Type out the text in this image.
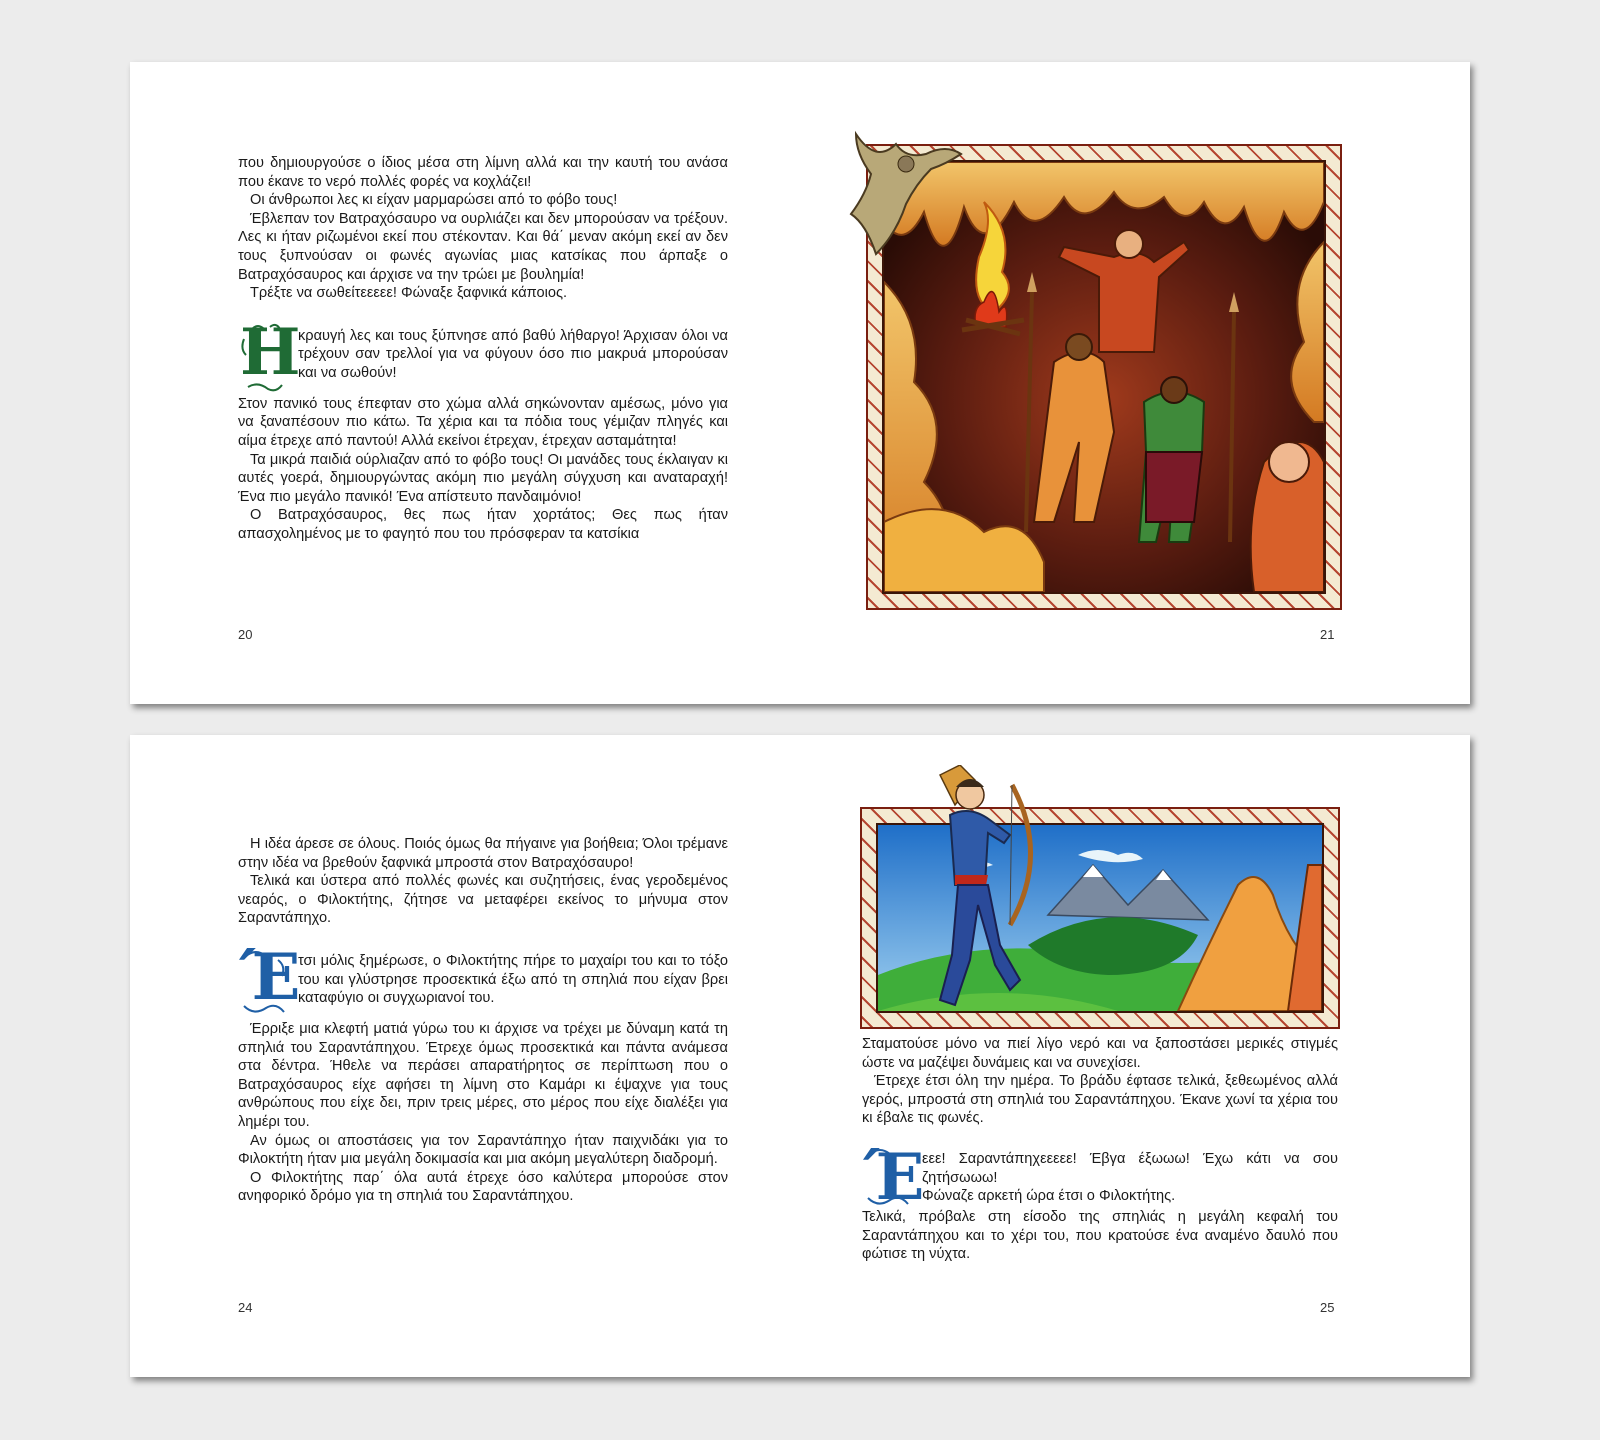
που δημιουργούσε ο ίδιος μέσα στη λίμνη αλλά και την καυτή του ανάσα που έκανε το νερό πολλές φορές να κοχλάζει!

Οι άνθρωποι λες κι είχαν μαρμαρώσει από το φόβο τους!

Έβλεπαν τον Βατραχόσαυρο να ουρλιάζει και δεν μπορούσαν να τρέξουν. Λες κι ήταν ριζωμένοι εκεί που στέκονταν. Και θά΄ μεναν ακόμη εκεί αν δεν τους ξυπνούσαν οι φωνές αγωνίας μιας κατσίκας που άρπαξε ο Βατραχόσαυρος και άρχισε να την τρώει με βουλημία!

Τρέξτε να σωθείτεεεεε! Φώναξε ξαφνικά κάποιος.

Η

κραυγή λες και τους ξύπνησε από βαθύ λήθαργο! Άρχισαν όλοι να τρέχουν σαν τρελλοί για να φύγουν όσο πιο μακρυά μπορούσαν και να σωθούν!

Στον πανικό τους έπεφταν στο χώμα αλλά σηκώνονταν αμέσως, μόνο για να ξαναπέσουν πιο κάτω. Τα χέρια και τα πόδια τους γέμιζαν πληγές και αίμα έτρεχε από παντού! Αλλά εκείνοι έτρεχαν, έτρεχαν ασταμάτητα!

Τα μικρά παιδιά ούρλιαζαν από το φόβο τους! Οι μανάδες τους έκλαιγαν κι αυτές γοερά, δημιουργώντας ακόμη πιο μεγάλη σύγχυση και αναταραχή! Ένα πιο μεγάλο πανικό! Ένα απίστευτο πανδαιμόνιο!

Ο Βατραχόσαυρος, θες πως ήταν χορτάτος; Θες πως ήταν απασχολημένος με το φαγητό που του πρόσφεραν τα κατσίκια

20	21

Η ιδέα άρεσε σε όλους. Ποιός όμως θα πήγαινε για βοήθεια; Όλοι τρέμανε στην ιδέα να βρεθούν ξαφνικά μπροστά στον Βατραχόσαυρο!

Τελικά και ύστερα από πολλές φωνές και συζητήσεις, ένας γεροδεμένος νεαρός, ο Φιλοκτήτης, ζήτησε να μεταφέρει εκείνος το μήνυμα στον Σαραντάπηχο.

Έ

τσι μόλις ξημέρωσε, ο Φιλοκτήτης πήρε το μαχαίρι του και το τόξο του και γλύστρησε προσεκτικά έξω από τη σπηλιά που είχαν βρει καταφύγιο οι συγχωριανοί του.

Έρριξε μια κλεφτή ματιά γύρω του κι άρχισε να τρέχει με δύναμη κατά τη σπηλιά του Σαραντάπηχου. Έτρεχε όμως προσεκτικά και πάντα ανάμεσα στα δέντρα. Ήθελε να περάσει απαρατήρητος σε περίπτωση που ο Βατραχόσαυρος είχε αφήσει τη λίμνη στο Καμάρι κι έψαχνε για τους ανθρώπους που είχε δει, πριν τρεις μέρες, στο μέρος που είχε διαλέξει για λημέρι του.

Αν όμως οι αποστάσεις για τον Σαραντάπηχο ήταν παιχνιδάκι για το Φιλοκτήτη ήταν μια μεγάλη δοκιμασία και μια ακόμη μεγαλύτερη διαδρομή.

Ο Φιλοκτήτης παρ΄ όλα αυτά έτρεχε όσο καλύτερα μπορούσε στον ανηφορικό δρόμο για τη σπηλιά του Σαραντάπηχου.

24

Σταματούσε μόνο να πιεί λίγο νερό και να ξαποστάσει μερικές στιγμές ώστε να μαζέψει δυνάμεις και να συνεχίσει.

Έτρεχε έτσι όλη την ημέρα. Το βράδυ έφτασε τελικά, ξεθεωμένος αλλά γερός, μπροστά στη σπηλιά του Σαραντάπηχου. Έκανε χωνί τα χέρια του κι έβαλε τις φωνές.

Έ

εεε! Σαραντάπηχεεεεε! Έβγα έξωωω! Έχω κάτι να σου ζητήσωωω!

Φώναζε αρκετή ώρα έτσι ο Φιλοκτήτης.

Τελικά, πρόβαλε στη είσοδο της σπηλιάς η μεγάλη κεφαλή του Σαραντάπηχου και το χέρι του, που κρατούσε ένα αναμένο δαυλό που φώτισε τη νύχτα.

25
